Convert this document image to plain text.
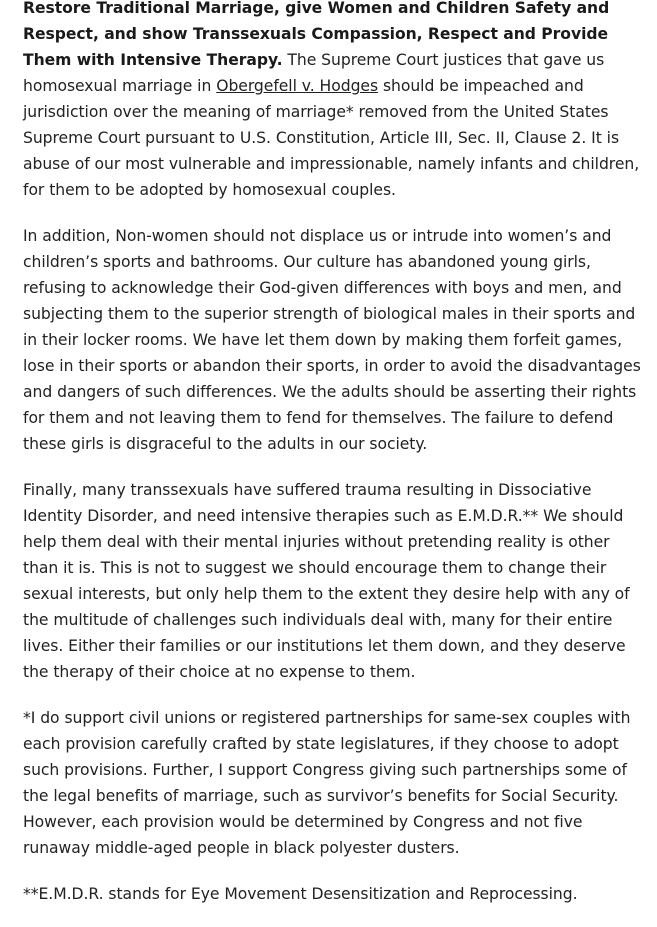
Restore Traditional Marriage, give Women and Children Safety and Respect, and show Transsexuals Compassion, Respect and Provide Them with Intensive Therapy. The Supreme Court justices that gave us homosexual marriage in Obergefell v. Hodges should be impeached and jurisdiction over the meaning of marriage* removed from the United States Supreme Court pursuant to U.S. Constitution, Article III, Sec. II, Clause 2. It is abuse of our most vulnerable and impressionable, namely infants and children, for them to be adopted by homosexual couples.

In addition, Non-women should not displace us or intrude into women’s and children’s sports and bathrooms. Our culture has abandoned young girls, refusing to acknowledge their God-given differences with boys and men, and subjecting them to the superior strength of biological males in their sports and in their locker rooms. We have let them down by making them forfeit games, lose in their sports or abandon their sports, in order to avoid the disadvantages and dangers of such differences. We the adults should be asserting their rights for them and not leaving them to fend for themselves. The failure to defend these girls is disgraceful to the adults in our society.

Finally, many transsexuals have suffered trauma resulting in Dissociative Identity Disorder, and need intensive therapies such as E.M.D.R.** We should help them deal with their mental injuries without pretending reality is other than it is. This is not to suggest we should encourage them to change their sexual interests, but only help them to the extent they desire help with any of the multitude of challenges such individuals deal with, many for their entire lives. Either their families or our institutions let them down, and they deserve the therapy of their choice at no expense to them.

*I do support civil unions or registered partnerships for same-sex couples with each provision carefully crafted by state legislatures, if they choose to adopt such provisions. Further, I support Congress giving such partnerships some of the legal benefits of marriage, such as survivor’s benefits for Social Security. However, each provision would be determined by Congress and not five runaway middle-aged people in black polyester dusters.

**E.M.D.R. stands for Eye Movement Desensitization and Reprocessing.
